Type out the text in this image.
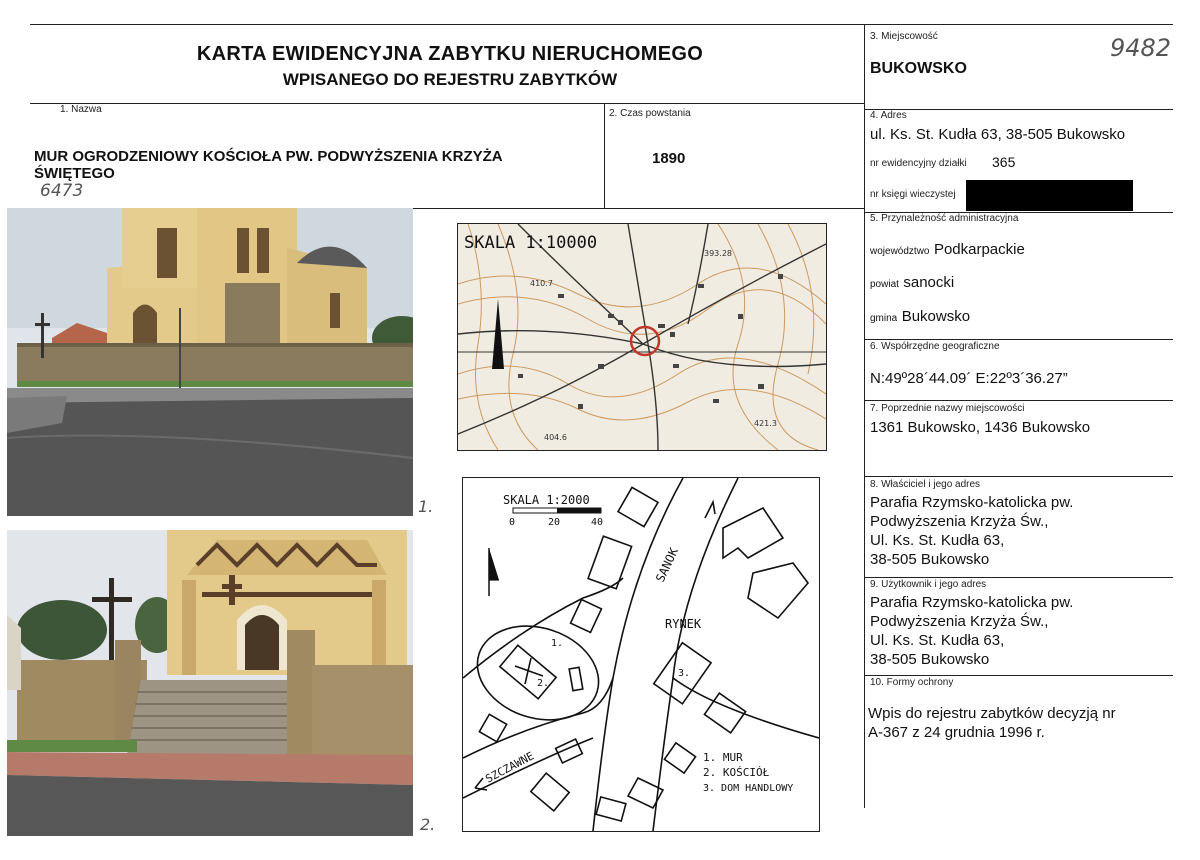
KARTA EWIDENCYJNA ZABYTKU NIERUCHOMEGO
WPISANEGO DO REJESTRU ZABYTKÓW
3. Miejscowość
BUKOWSKO
9482
1. Nazwa
MUR OGRODZENIOWY KOŚCIOŁA PW. PODWYŻSZENIA KRZYŻA
ŚWIĘTEGO
6473
2. Czas powstania
1890
4. Adres
ul. Ks. St. Kudła 63, 38-505 Bukowsko
nr ewidencyjny działki 365
nr księgi wieczystej
5. Przynależność administracyjna
województwo Podkarpackie
powiat sanocki
gmina Bukowsko
6. Współrzędne geograficzne
N:49º28´44.09´ E:22º3´36.27”
7. Poprzednie nazwy miejscowości
1361 Bukowsko, 1436 Bukowsko
8. Właściciel i jego adres
Parafia Rzymsko-katolicka pw.
Podwyższenia Krzyża Św.,
Ul. Ks. St. Kudła 63,
38-505 Bukowsko
9. Użytkownik i jego adres
Parafia Rzymsko-katolicka pw.
Podwyższenia Krzyża Św.,
Ul. Ks. St. Kudła 63,
38-505 Bukowsko
10. Formy ochrony
Wpis do rejestru zabytków decyzją nr
A-367 z 24 grudnia 1996 r.
1.
2.
SKALA 1:10000
393.28
410.7
404.6
421.3
SKALA 1:2000
0	20	40
SANOK
RYNEK
SZCZAWNE
1.
2.
3.
1. MUR
2. KOŚCIÓŁ
3. DOM HANDLOWY
